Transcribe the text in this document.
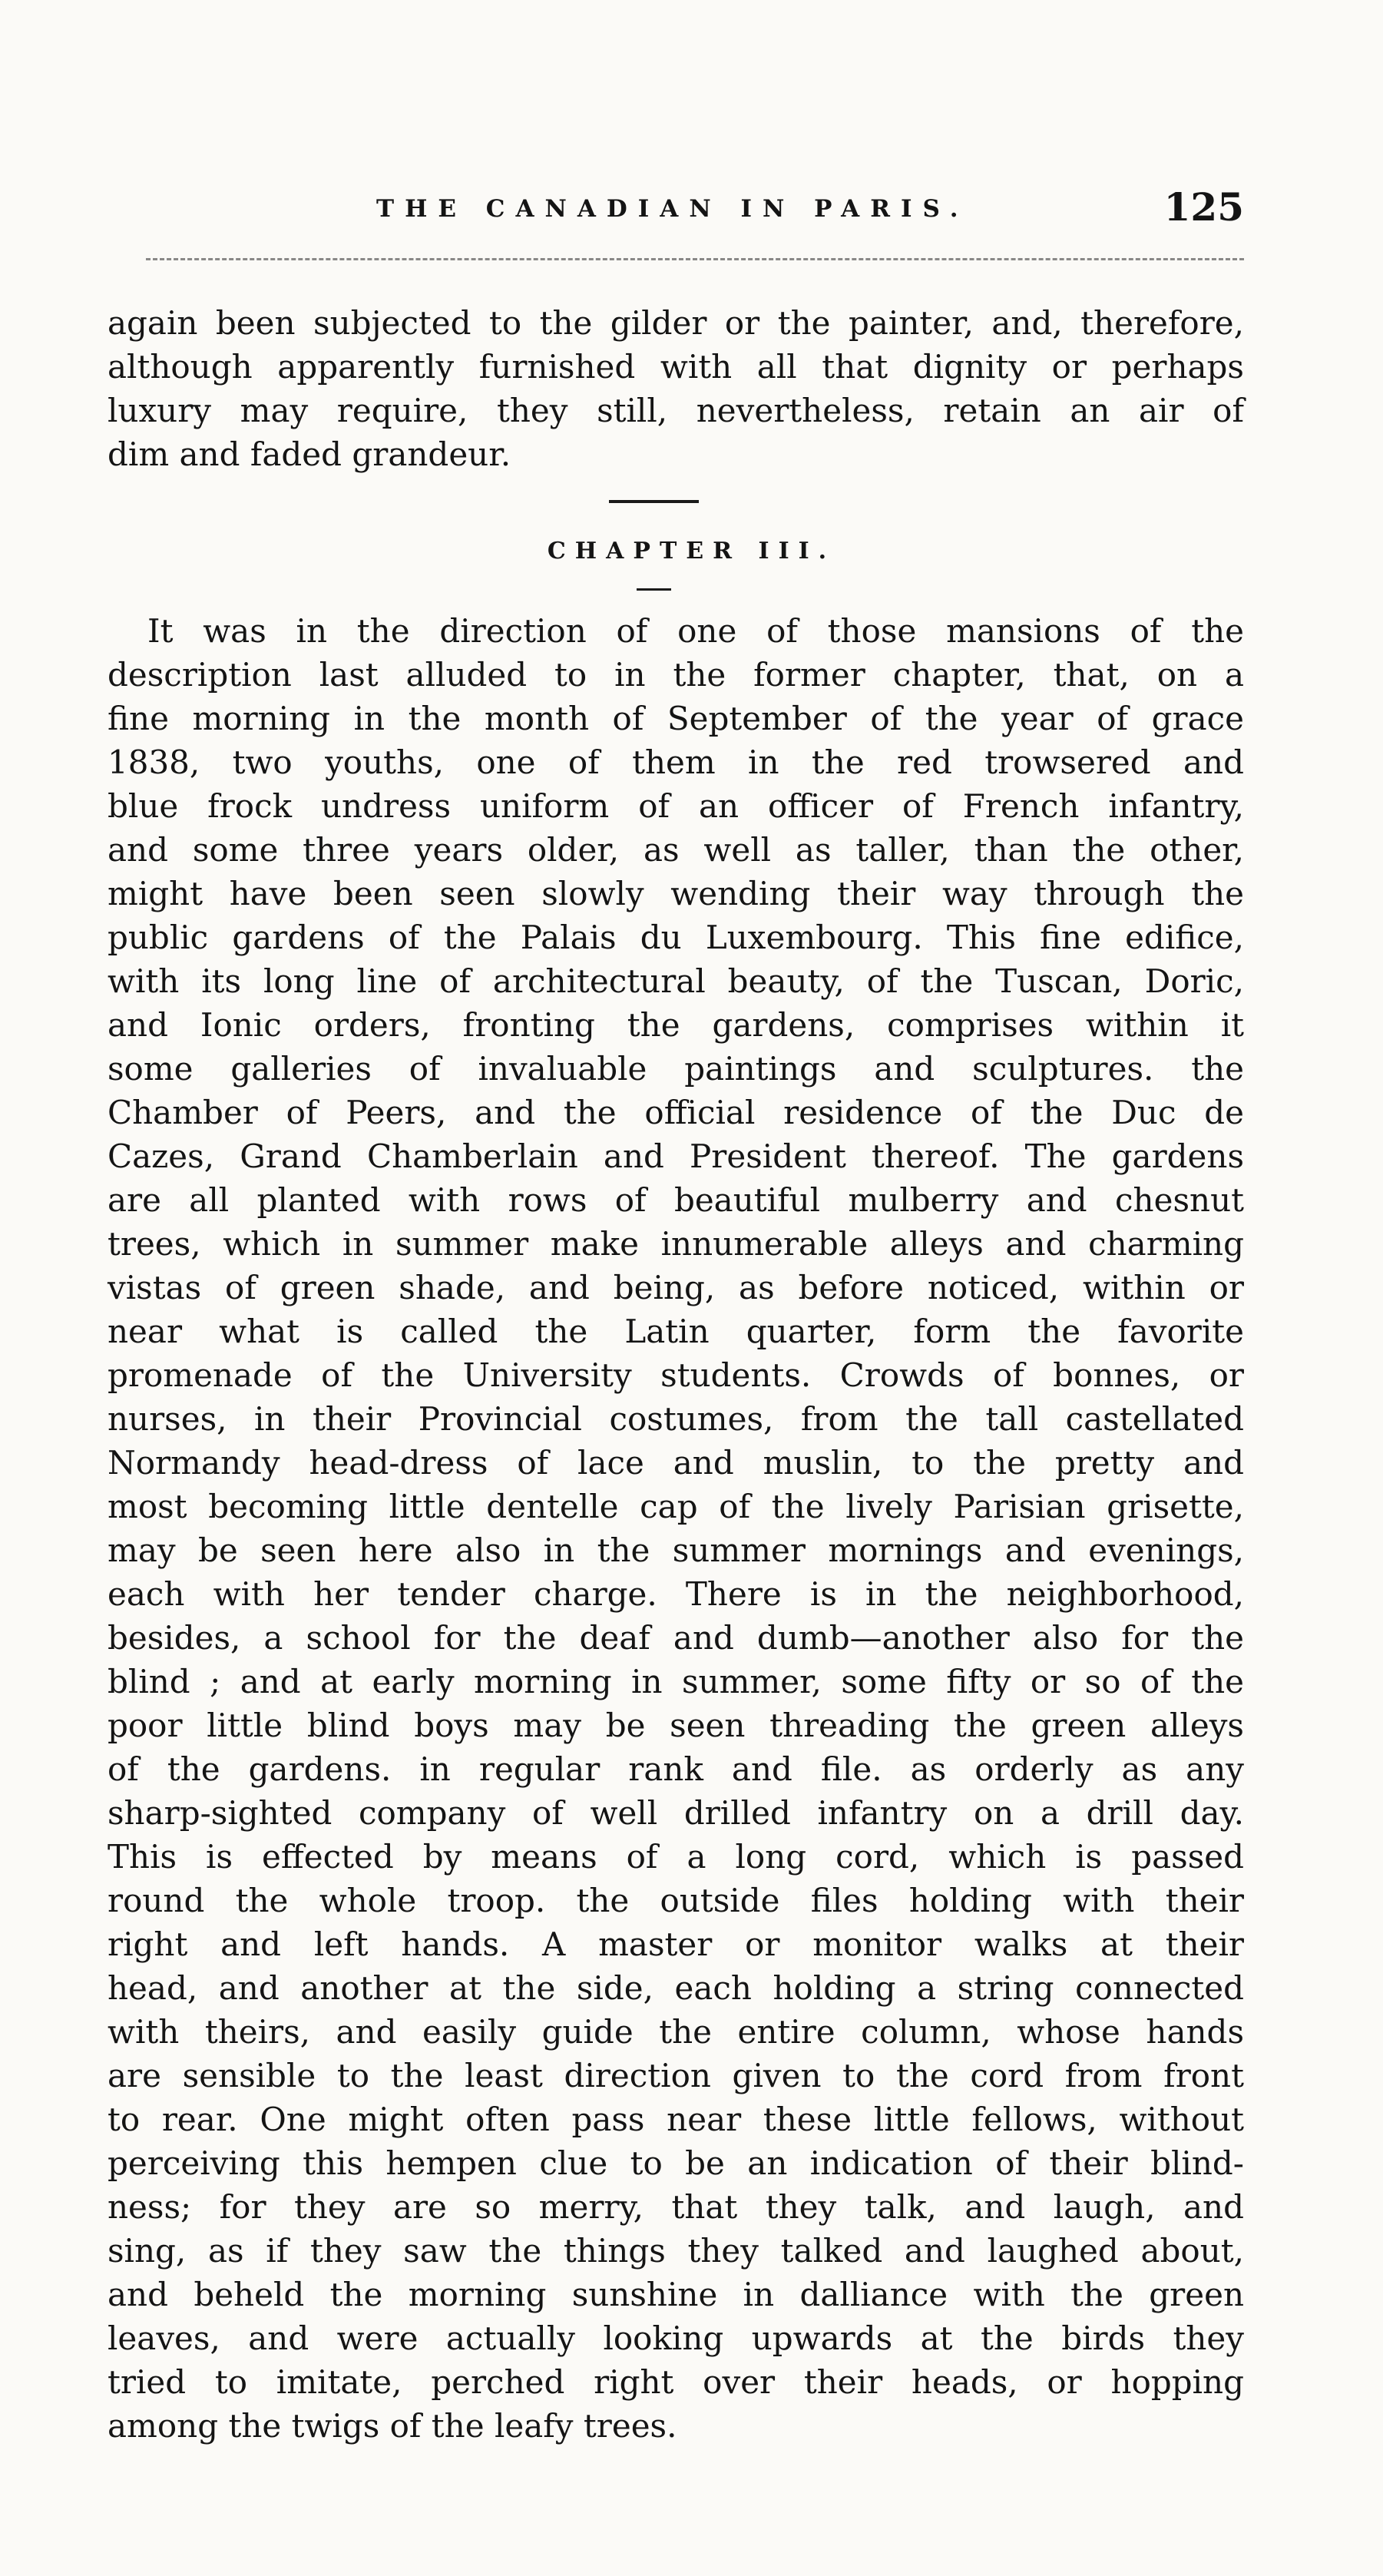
THE CANADIAN IN PARIS.	125

again been subjected to the gilder or the painter, and, therefore,

although apparently furnished with all that dignity or perhaps

luxury may require, they still, nevertheless, retain an air of

dim and faded grandeur.

CHAPTER III.

It was in the direction of one of those mansions of the

description last alluded to in the former chapter, that, on a

fine morning in the month of September of the year of grace

1838, two youths, one of them in the red trowsered and

blue frock undress uniform of an officer of French infantry,

and some three years older, as well as taller, than the other,

might have been seen slowly wending their way through the

public gardens of the Palais du Luxembourg. This fine edifice,

with its long line of architectural beauty, of the Tuscan, Doric,

and Ionic orders, fronting the gardens, comprises within it

some galleries of invaluable paintings and sculptures. the

Chamber of Peers, and the official residence of the Duc de

Cazes, Grand Chamberlain and President thereof. The gardens

are all planted with rows of beautiful mulberry and chesnut

trees, which in summer make innumerable alleys and charming

vistas of green shade, and being, as before noticed, within or

near what is called the Latin quarter, form the favorite

promenade of the University students. Crowds of bonnes, or

nurses, in their Provincial costumes, from the tall castellated

Normandy head-dress of lace and muslin, to the pretty and

most becoming little dentelle cap of the lively Parisian grisette,

may be seen here also in the summer mornings and evenings,

each with her tender charge. There is in the neighborhood,

besides, a school for the deaf and dumb—another also for the

blind ; and at early morning in summer, some fifty or so of the

poor little blind boys may be seen threading the green alleys

of the gardens. in regular rank and file. as orderly as any

sharp-sighted company of well drilled infantry on a drill day.

This is effected by means of a long cord, which is passed

round the whole troop. the outside files holding with their

right and left hands. A master or monitor walks at their

head, and another at the side, each holding a string connected

with theirs, and easily guide the entire column, whose hands

are sensible to the least direction given to the cord from front

to rear. One might often pass near these little fellows, without

perceiving this hempen clue to be an indication of their blind-

ness; for they are so merry, that they talk, and laugh, and

sing, as if they saw the things they talked and laughed about,

and beheld the morning sunshine in dalliance with the green

leaves, and were actually looking upwards at the birds they

tried to imitate, perched right over their heads, or hopping

among the twigs of the leafy trees.
